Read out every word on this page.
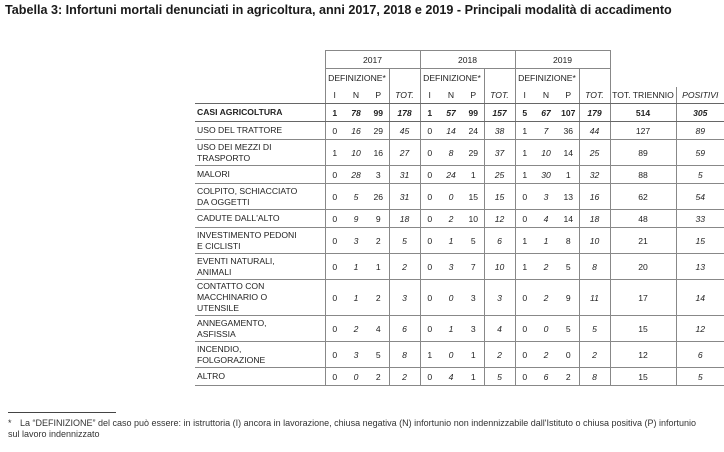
Tabella 3: Infortuni mortali denunciati in agricoltura, anni 2017, 2018 e 2019 - Principali modalità di accadimento
	2017				2018				2019					
	DEFINIZIONE*				DEFINIZIONE*				DEFINIZIONE*					
	I	N	P	TOT.	I	N	P	TOT.	I	N	P	TOT.	TOT. TRIENNIO	POSITIVI
CASI AGRICOLTURA	1	78	99	178	1	57	99	157	5	67	107	179	514	305
USO DEL TRATTORE	0	16	29	45	0	14	24	38	1	7	36	44	127	89
USO DEI MEZZI DI
TRASPORTO	1	10	16	27	0	8	29	37	1	10	14	25	89	59
MALORI	0	28	3	31	0	24	1	25	1	30	1	32	88	5
COLPITO, SCHIACCIATO
DA OGGETTI	0	5	26	31	0	0	15	15	0	3	13	16	62	54
CADUTE DALL'ALTO	0	9	9	18	0	2	10	12	0	4	14	18	48	33
INVESTIMENTO PEDONI
E CICLISTI	0	3	2	5	0	1	5	6	1	1	8	10	21	15
EVENTI NATURALI,
ANIMALI	0	1	1	2	0	3	7	10	1	2	5	8	20	13
CONTATTO CON
MACCHINARIO O
UTENSILE	0	1	2	3	0	0	3	3	0	2	9	11	17	14
ANNEGAMENTO,
ASFISSIA	0	2	4	6	0	1	3	4	0	0	5	5	15	12
INCENDIO,
FOLGORAZIONE	0	3	5	8	1	0	1	2	0	2	0	2	12	6
ALTRO	0	0	2	2	0	4	1	5	0	6	2	8	15	5
* La “DEFINIZIONE” del caso può essere: in istruttoria (I) ancora in lavorazione, chiusa negativa (N) infortunio non indennizzabile dall'Istituto o chiusa positiva (P) infortunio sul lavoro indennizzato
